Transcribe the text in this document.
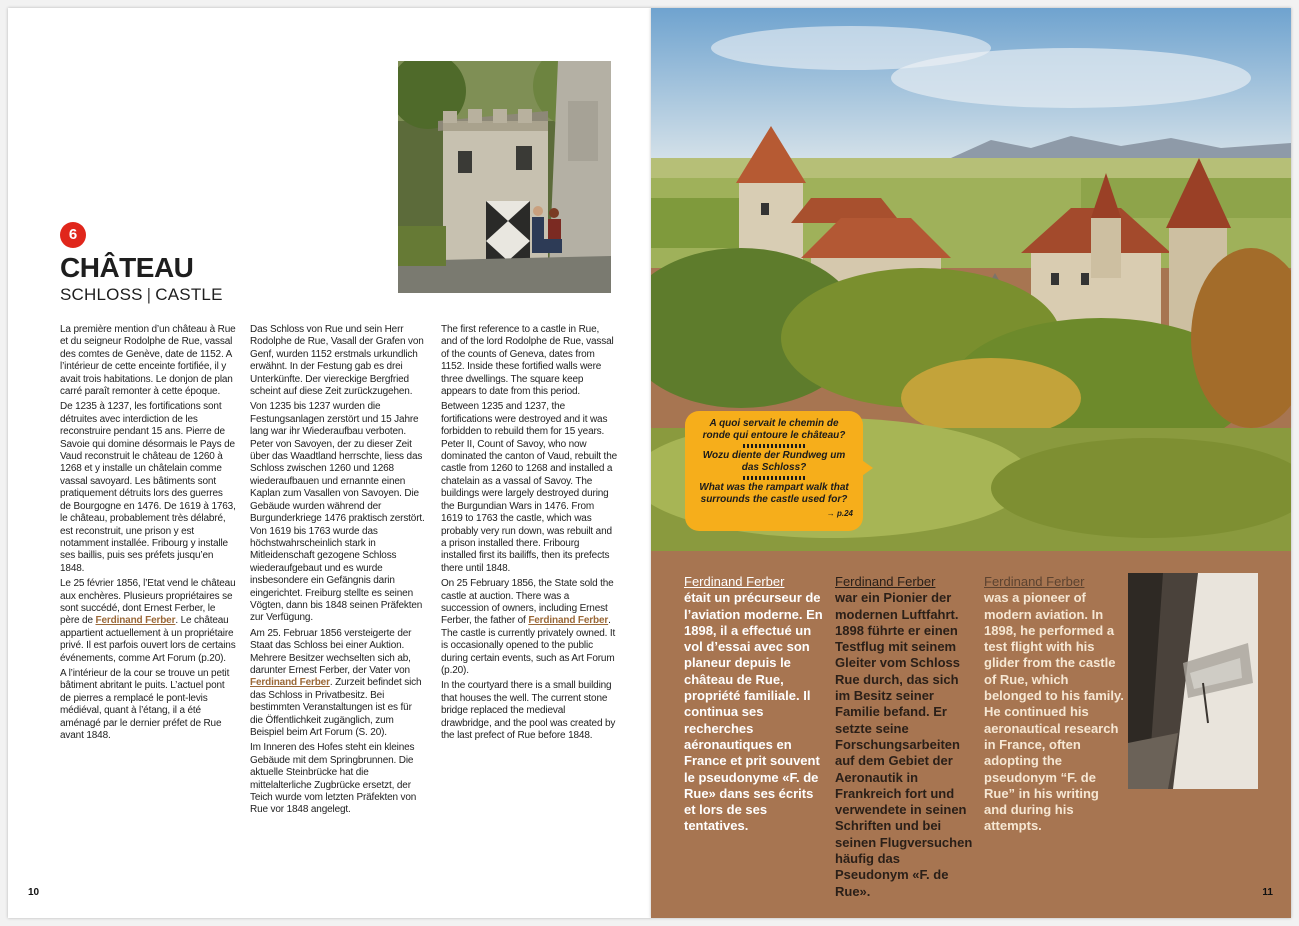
6
CHÂTEAU
SCHLOSS | CASTLE

La première mention d’un château à Rue et du seigneur Rodolphe de Rue, vassal des comtes de Genève, date de 1152. A l’intérieur de cette enceinte fortifiée, il y avait trois habitations. Le donjon de plan carré paraît remonter à cette époque.

De 1235 à 1237, les fortifications sont détruites avec interdiction de les reconstruire pendant 15 ans. Pierre de Savoie qui domine désormais le Pays de Vaud reconstruit le château de 1260 à 1268 et y installe un châtelain comme vassal savoyard. Les bâtiments sont pratiquement détruits lors des guerres de Bourgogne en 1476. De 1619 à 1763, le château, probablement très délabré, est reconstruit, une prison y est notamment installée. Fribourg y installe ses baillis, puis ses préfets jusqu’en 1848.

Le 25 février 1856, l’Etat vend le château aux enchères. Plusieurs propriétaires se sont succédé, dont Ernest Ferber, le père de Ferdinand Ferber. Le château appartient actuellement à un propriétaire privé. Il est parfois ouvert lors de certains événements, comme Art Forum (p.20).

A l’intérieur de la cour se trouve un petit bâtiment abritant le puits. L’actuel pont de pierres a remplacé le pont-levis médiéval, quant à l’étang, il a été aménagé par le dernier préfet de Rue avant 1848.

Das Schloss von Rue und sein Herr Rodolphe de Rue, Vasall der Grafen von Genf, wurden 1152 erstmals urkundlich erwähnt. In der Festung gab es drei Unterkünfte. Der viereckige Bergfried scheint auf diese Zeit zurückzugehen.

Von 1235 bis 1237 wurden die Festungsanlagen zerstört und 15 Jahre lang war ihr Wiederaufbau verboten. Peter von Savoyen, der zu dieser Zeit über das Waadtland herrschte, liess das Schloss zwischen 1260 und 1268 wiederaufbauen und ernannte einen Kaplan zum Vasallen von Savoyen. Die Gebäude wurden während der Burgunderkriege 1476 praktisch zerstört. Von 1619 bis 1763 wurde das höchstwahrscheinlich stark in Mitleidenschaft gezogene Schloss wiederaufgebaut und es wurde insbesondere ein Gefängnis darin eingerichtet. Freiburg stellte es seinen Vögten, dann bis 1848 seinen Präfekten zur Verfügung.

Am 25. Februar 1856 versteigerte der Staat das Schloss bei einer Auktion. Mehrere Besitzer wechselten sich ab, darunter Ernest Ferber, der Vater von Ferdinand Ferber. Zurzeit befindet sich das Schloss in Privatbesitz. Bei bestimmten Veranstaltungen ist es für die Öffentlichkeit zugänglich, zum Beispiel beim Art Forum (S. 20).

Im Inneren des Hofes steht ein kleines Gebäude mit dem Springbrunnen. Die aktuelle Steinbrücke hat die mittelalterliche Zugbrücke ersetzt, der Teich wurde vom letzten Präfekten von Rue vor 1848 angelegt.

The first reference to a castle in Rue, and of the lord Rodolphe de Rue, vassal of the counts of Geneva, dates from 1152. Inside these fortified walls were three dwellings. The square keep appears to date from this period.

Between 1235 and 1237, the fortifications were destroyed and it was forbidden to rebuild them for 15 years. Peter II, Count of Savoy, who now dominated the canton of Vaud, rebuilt the castle from 1260 to 1268 and installed a chatelain as a vassal of Savoy. The buildings were largely destroyed during the Burgundian Wars in 1476. From 1619 to 1763 the castle, which was probably very run down, was rebuilt and a prison installed there. Fribourg installed first its bailiffs, then its prefects there until 1848.

On 25 February 1856, the State sold the castle at auction. There was a succession of owners, including Ernest Ferber, the father of Ferdinand Ferber. The castle is currently privately owned. It is occasionally opened to the public during certain events, such as Art Forum (p.20).

In the courtyard there is a small building that houses the well. The current stone bridge replaced the medieval drawbridge, and the pool was created by the last prefect of Rue before 1848.

10
A quoi servait le chemin de ronde qui entoure le château?
Wozu diente der Rundweg um das Schloss?
What was the rampart walk that surrounds the castle used for?
→ p.24
Ferdinand Ferber
était un précurseur de l’aviation moderne. En 1898, il a effectué un vol d’essai avec son planeur depuis le château de Rue, propriété familiale. Il continua ses recherches aéronautiques en France et prit souvent le pseudonyme «F. de Rue» dans ses écrits et lors de ses tentatives.
Ferdinand Ferber
war ein Pionier der modernen Luftfahrt. 1898 führte er einen Testflug mit seinem Gleiter vom Schloss Rue durch, das sich im Besitz seiner Familie befand. Er setzte seine Forschungsarbeiten auf dem Gebiet der Aeronautik in Frankreich fort und verwendete in seinen Schriften und bei seinen Flugversuchen häufig das Pseudonym «F. de Rue».
Ferdinand Ferber
was a pioneer of modern aviation. In 1898, he performed a test flight with his glider from the castle of Rue, which belonged to his family. He continued his aeronautical research in France, often adopting the pseudonym “F. de Rue” in his writing and during his attempts.
11
